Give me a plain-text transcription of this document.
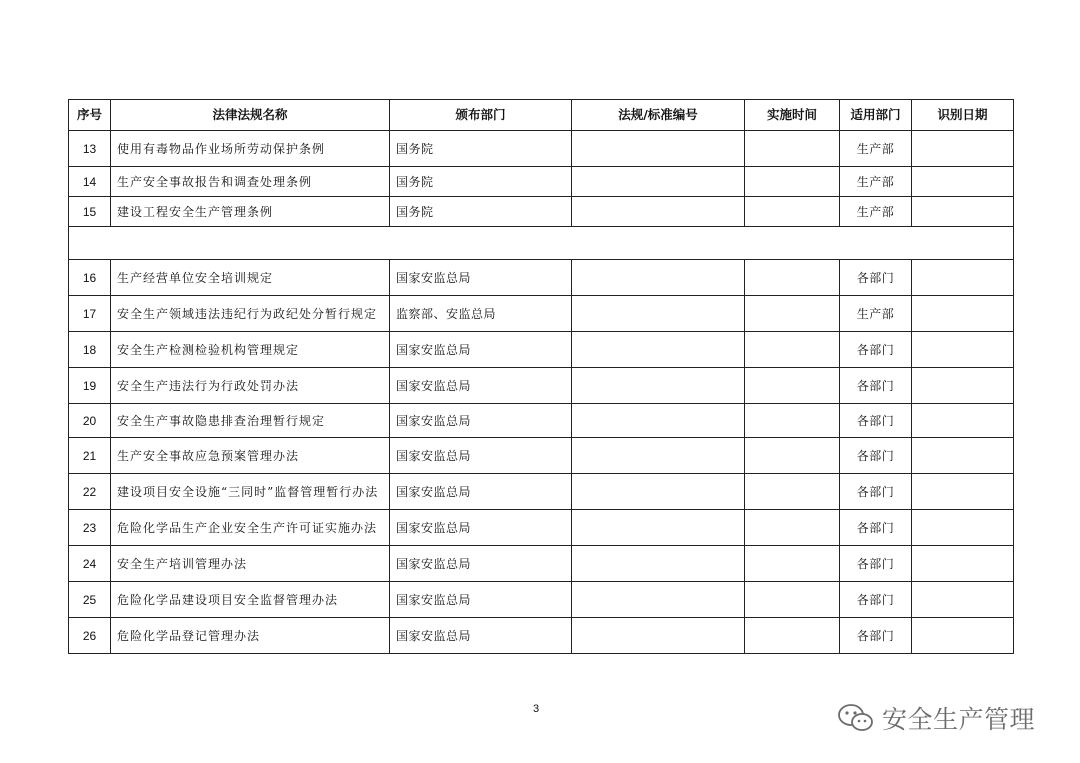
序号	法律法规名称	颁布部门	法规/标准编号	实施时间	适用部门	识别日期
13	使用有毒物品作业场所劳动保护条例	国务院			生产部	
14	生产安全事故报告和调查处理条例	国务院			生产部	
15	建设工程安全生产管理条例	国务院			生产部	

16	生产经营单位安全培训规定	国家安监总局			各部门	
17	安全生产领域违法违纪行为政纪处分暂行规定	监察部、安监总局			生产部	
18	安全生产检测检验机构管理规定	国家安监总局			各部门	
19	安全生产违法行为行政处罚办法	国家安监总局			各部门	
20	安全生产事故隐患排查治理暂行规定	国家安监总局			各部门	
21	生产安全事故应急预案管理办法	国家安监总局			各部门	
22	建设项目安全设施“三同时”监督管理暂行办法	国家安监总局			各部门	
23	危险化学品生产企业安全生产许可证实施办法	国家安监总局			各部门	
24	安全生产培训管理办法	国家安监总局			各部门	
25	危险化学品建设项目安全监督管理办法	国家安监总局			各部门	
26	危险化学品登记管理办法	国家安监总局			各部门	
3	安全生产管理
